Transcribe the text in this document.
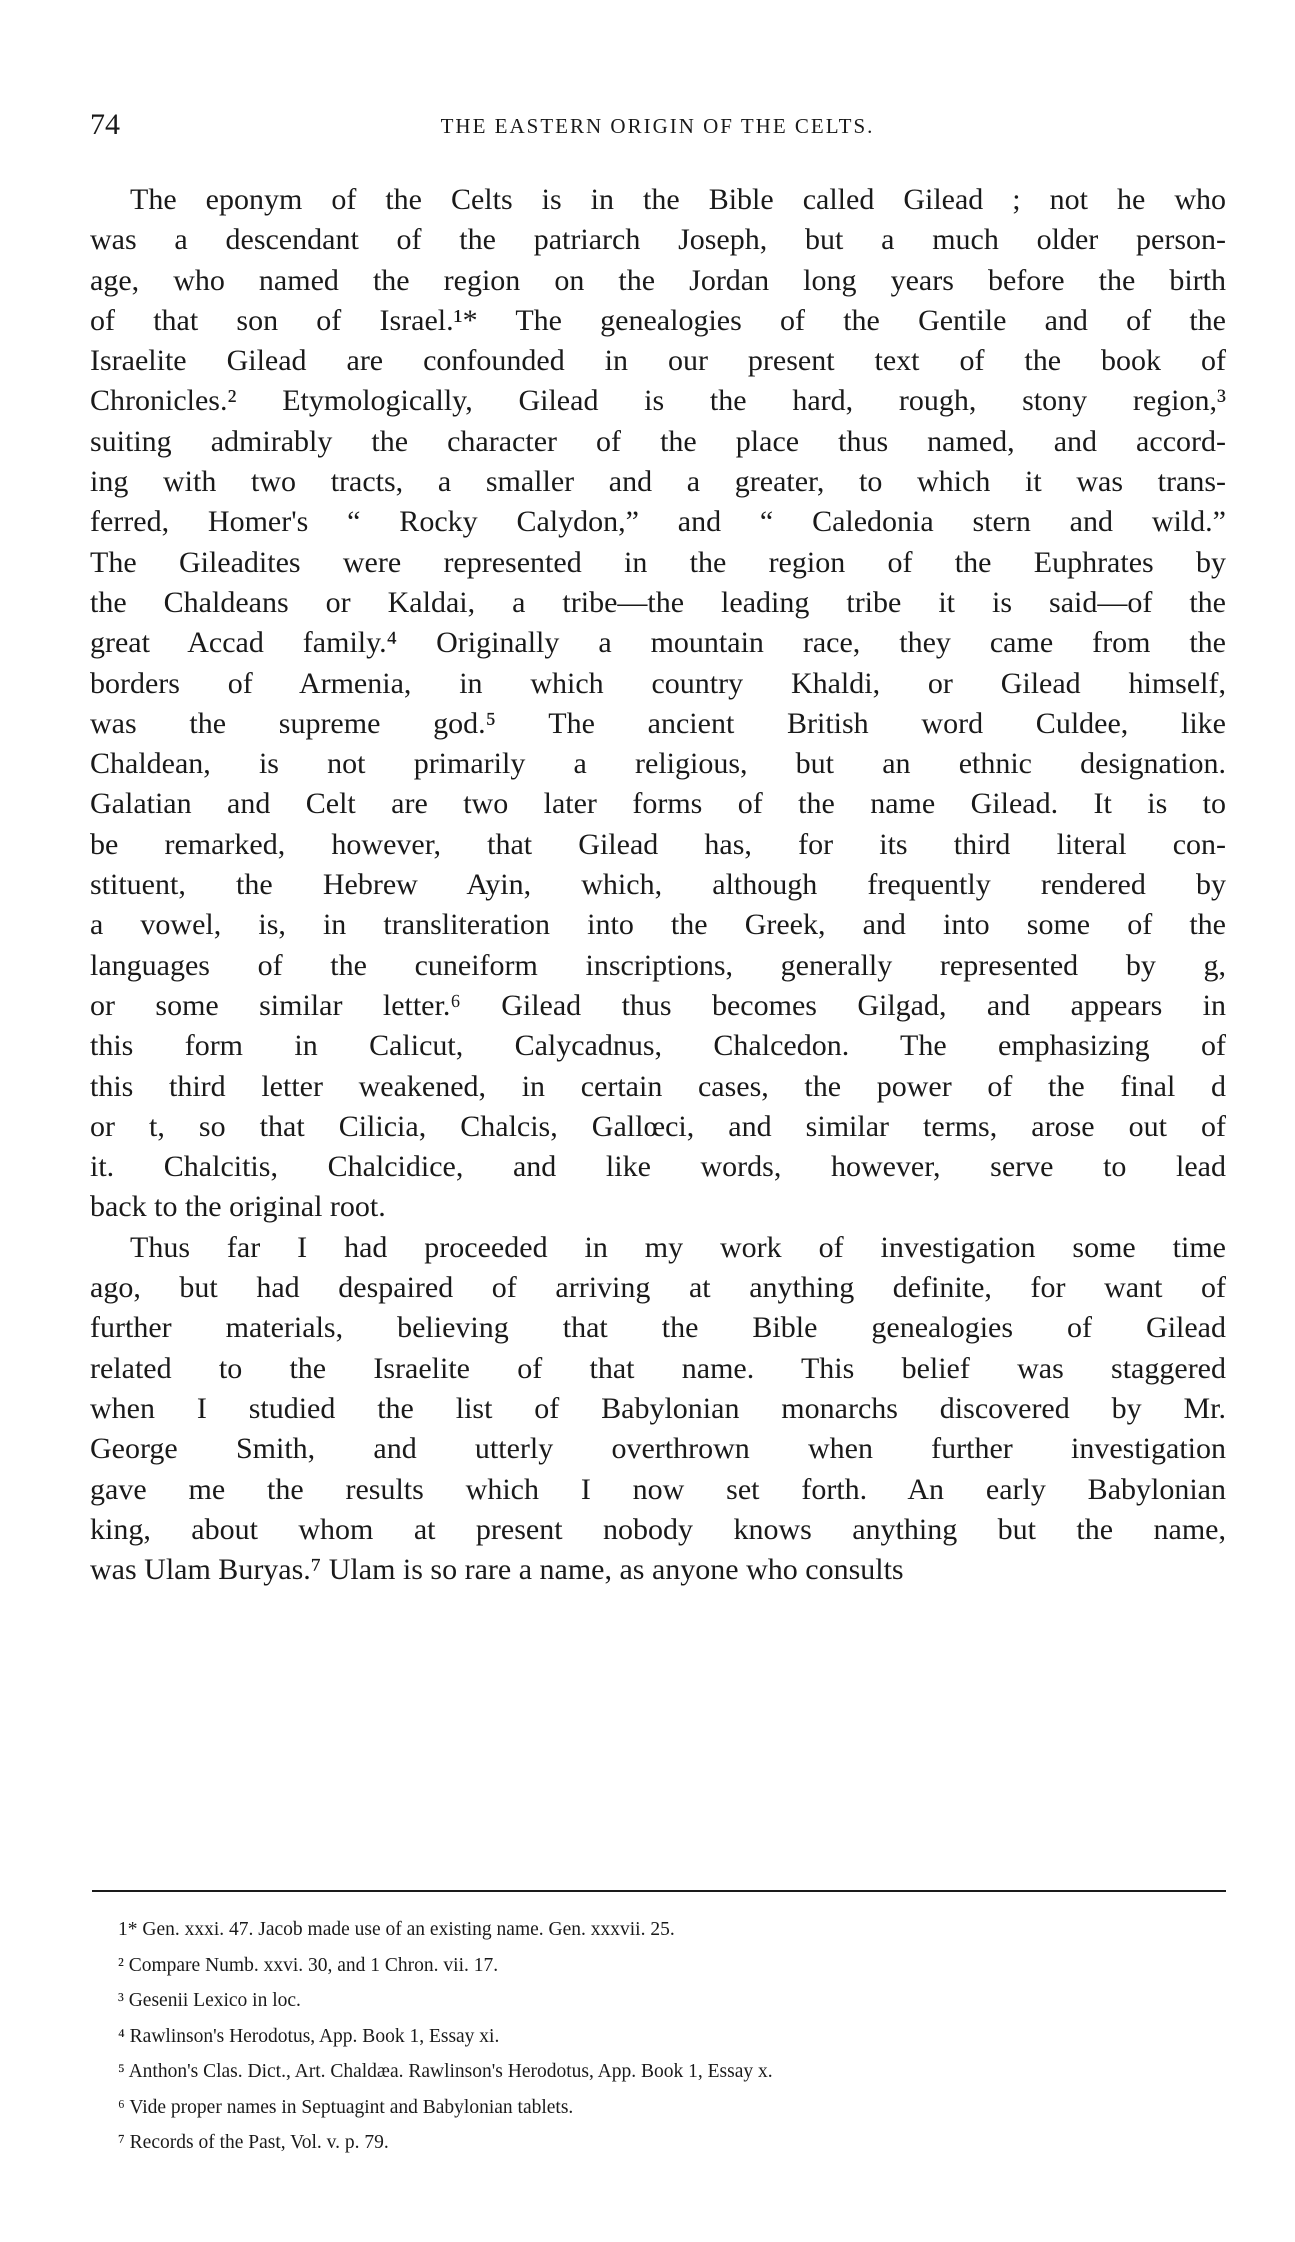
74	THE EASTERN ORIGIN OF THE CELTS.

The eponym of the Celts is in the Bible called Gilead ; not he who

was a descendant of the patriarch Joseph, but a much older person-

age, who named the region on the Jordan long years before the birth

of that son of Israel.¹* The genealogies of the Gentile and of the

Israelite Gilead are confounded in our present text of the book of

Chronicles.² Etymologically, Gilead is the hard, rough, stony region,³

suiting admirably the character of the place thus named, and accord-

ing with two tracts, a smaller and a greater, to which it was trans-

ferred, Homer's “ Rocky Calydon,” and “ Caledonia stern and wild.”

The Gileadites were represented in the region of the Euphrates by

the Chaldeans or Kaldai, a tribe—the leading tribe it is said—of the

great Accad family.⁴ Originally a mountain race, they came from the

borders of Armenia, in which country Khaldi, or Gilead himself,

was the supreme god.⁵ The ancient British word Culdee, like

Chaldean, is not primarily a religious, but an ethnic designation.

Galatian and Celt are two later forms of the name Gilead. It is to

be remarked, however, that Gilead has, for its third literal con-

stituent, the Hebrew Ayin, which, although frequently rendered by

a vowel, is, in transliteration into the Greek, and into some of the

languages of the cuneiform inscriptions, generally represented by g,

or some similar letter.⁶ Gilead thus becomes Gilgad, and appears in

this form in Calicut, Calycadnus, Chalcedon. The emphasizing of

this third letter weakened, in certain cases, the power of the final d

or t, so that Cilicia, Chalcis, Gallœci, and similar terms, arose out of

it. Chalcitis, Chalcidice, and like words, however, serve to lead

back to the original root.

Thus far I had proceeded in my work of investigation some time

ago, but had despaired of arriving at anything definite, for want of

further materials, believing that the Bible genealogies of Gilead

related to the Israelite of that name. This belief was staggered

when I studied the list of Babylonian monarchs discovered by Mr.

George Smith, and utterly overthrown when further investigation

gave me the results which I now set forth. An early Babylonian

king, about whom at present nobody knows anything but the name,

was Ulam Buryas.⁷ Ulam is so rare a name, as anyone who consults

1* Gen. xxxi. 47. Jacob made use of an existing name. Gen. xxxvii. 25.
² Compare Numb. xxvi. 30, and 1 Chron. vii. 17.
³ Gesenii Lexico in loc.
⁴ Rawlinson's Herodotus, App. Book 1, Essay xi.
⁵ Anthon's Clas. Dict., Art. Chaldæa. Rawlinson's Herodotus, App. Book 1, Essay x.
⁶ Vide proper names in Septuagint and Babylonian tablets.
⁷ Records of the Past, Vol. v. p. 79.
